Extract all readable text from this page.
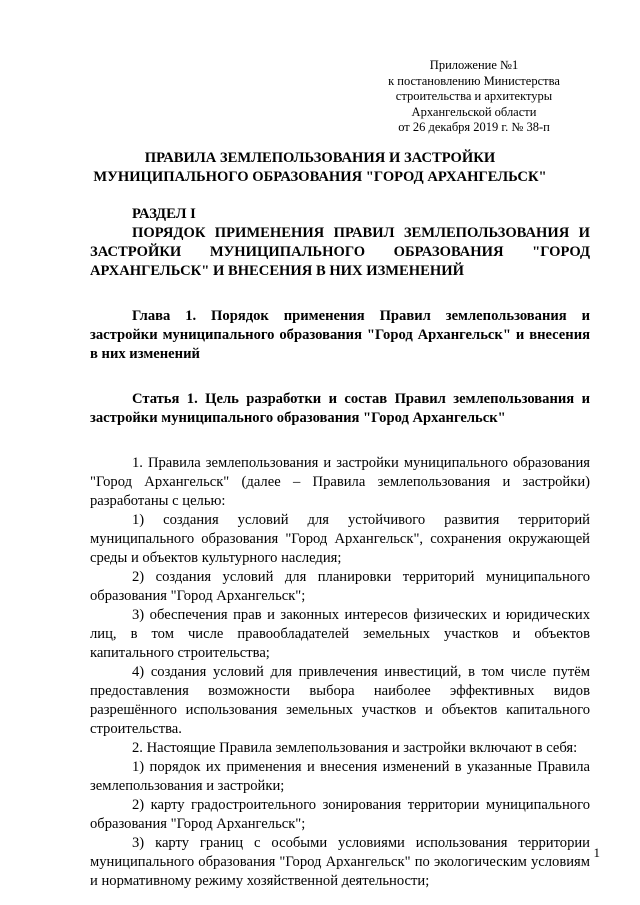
Приложение №1
к постановлению Министерства
строительства и архитектуры
Архангельской области
от 26 декабря 2019 г. № 38-п
ПРАВИЛА ЗЕМЛЕПОЛЬЗОВАНИЯ И ЗАСТРОЙКИ
МУНИЦИПАЛЬНОГО ОБРАЗОВАНИЯ "ГОРОД АРХАНГЕЛЬСК"

РАЗДЕЛ I

ПОРЯДОК ПРИМЕНЕНИЯ ПРАВИЛ ЗЕМЛЕПОЛЬЗОВАНИЯ И ЗАСТРОЙКИ МУНИЦИПАЛЬНОГО ОБРАЗОВАНИЯ "ГОРОД АРХАНГЕЛЬСК" И ВНЕСЕНИЯ В НИХ ИЗМЕНЕНИЙ

Глава 1. Порядок применения Правил землепользования и застройки муниципального образования "Город Архангельск" и внесения в них изменений

Статья 1. Цель разработки и состав Правил землепользования и застройки муниципального образования "Город Архангельск"

1. Правила землепользования и застройки муниципального образования "Город Архангельск" (далее – Правила землепользования и застройки) разработаны с целью:

1) создания условий для устойчивого развития территорий муниципального образования "Город Архангельск", сохранения окружающей среды и объектов культурного наследия;

2) создания условий для планировки территорий муниципального образования "Город Архангельск";

3) обеспечения прав и законных интересов физических и юридических лиц, в том числе правообладателей земельных участков и объектов капитального строительства;

4) создания условий для привлечения инвестиций, в том числе путём предоставления возможности выбора наиболее эффективных видов разрешённого использования земельных участков и объектов капитального строительства.

2. Настоящие Правила землепользования и застройки включают в себя:

1) порядок их применения и внесения изменений в указанные Правила землепользования и застройки;

2) карту градостроительного зонирования территории муниципального образования "Город Архангельск";

3) карту границ с особыми условиями использования территории муниципального образования "Город Архангельск" по экологическим условиям и нормативному режиму хозяйственной деятельности;

1
